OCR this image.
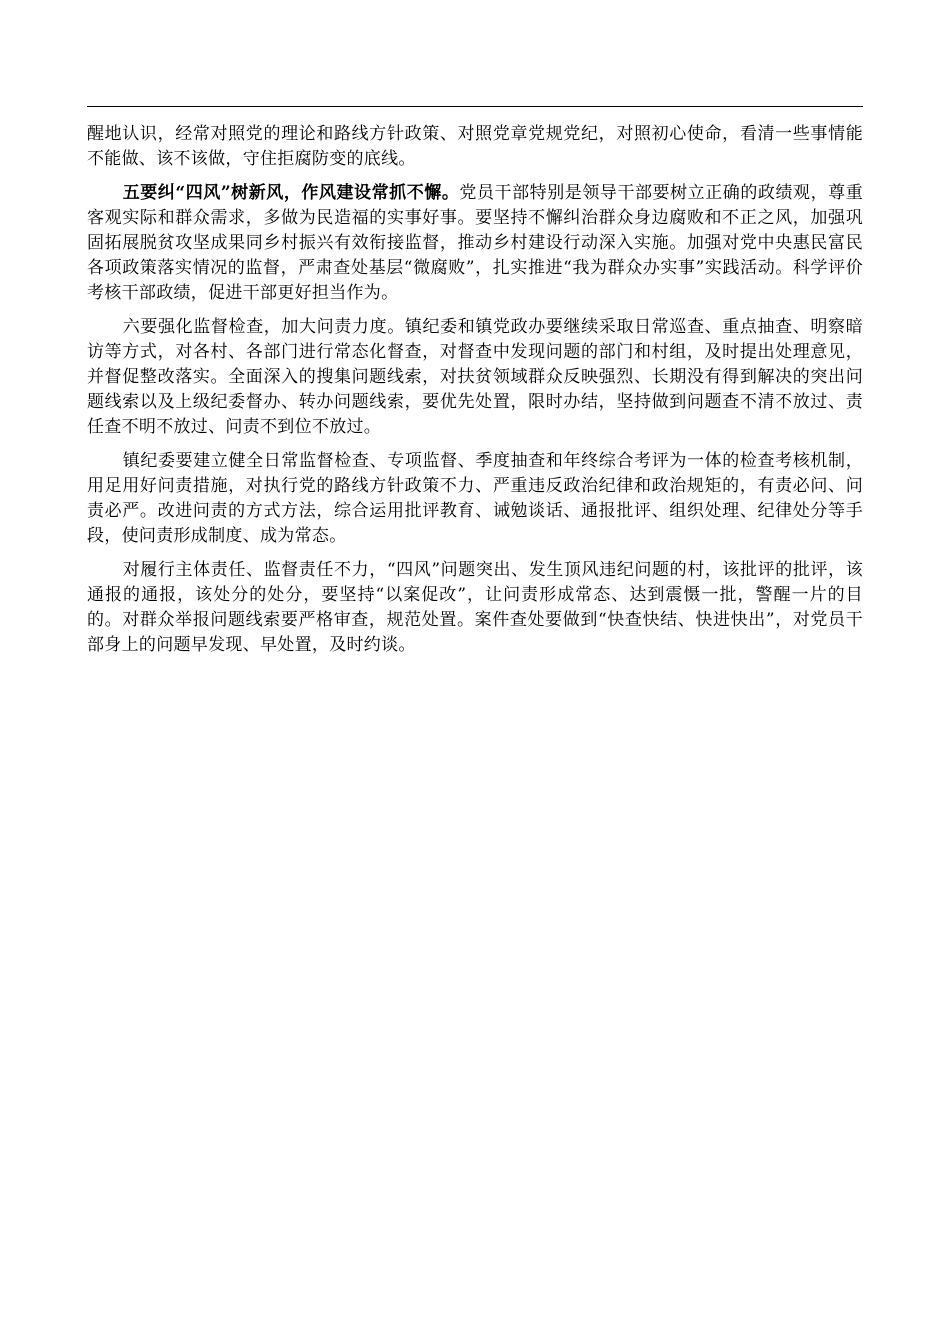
醒地认识，经常对照党的理论和路线方针政策、对照党章党规党纪，对照初心使命，看清一些事情能不能做、该不该做，守住拒腐防变的底线。

五要纠“四风”树新风，作风建设常抓不懈。党员干部特别是领导干部要树立正确的政绩观，尊重客观实际和群众需求，多做为民造福的实事好事。要坚持不懈纠治群众身边腐败和不正之风，加强巩固拓展脱贫攻坚成果同乡村振兴有效衔接监督，推动乡村建设行动深入实施。加强对党中央惠民富民各项政策落实情况的监督，严肃查处基层“微腐败”，扎实推进“我为群众办实事”实践活动。科学评价考核干部政绩，促进干部更好担当作为。

六要强化监督检查，加大问责力度。镇纪委和镇党政办要继续采取日常巡查、重点抽查、明察暗访等方式，对各村、各部门进行常态化督查，对督查中发现问题的部门和村组，及时提出处理意见，并督促整改落实。全面深入的搜集问题线索，对扶贫领域群众反映强烈、长期没有得到解决的突出问题线索以及上级纪委督办、转办问题线索，要优先处置，限时办结，坚持做到问题查不清不放过、责任查不明不放过、问责不到位不放过。

镇纪委要建立健全日常监督检查、专项监督、季度抽查和年终综合考评为一体的检查考核机制，用足用好问责措施，对执行党的路线方针政策不力、严重违反政治纪律和政治规矩的，有责必问、问责必严。改进问责的方式方法，综合运用批评教育、诫勉谈话、通报批评、组织处理、纪律处分等手段，使问责形成制度、成为常态。

对履行主体责任、监督责任不力，“四风”问题突出、发生顶风违纪问题的村，该批评的批评，该通报的通报，该处分的处分，要坚持“以案促改”，让问责形成常态、达到震慑一批，警醒一片的目的。对群众举报问题线索要严格审查，规范处置。案件查处要做到“快查快结、快进快出”，对党员干部身上的问题早发现、早处置，及时约谈。
